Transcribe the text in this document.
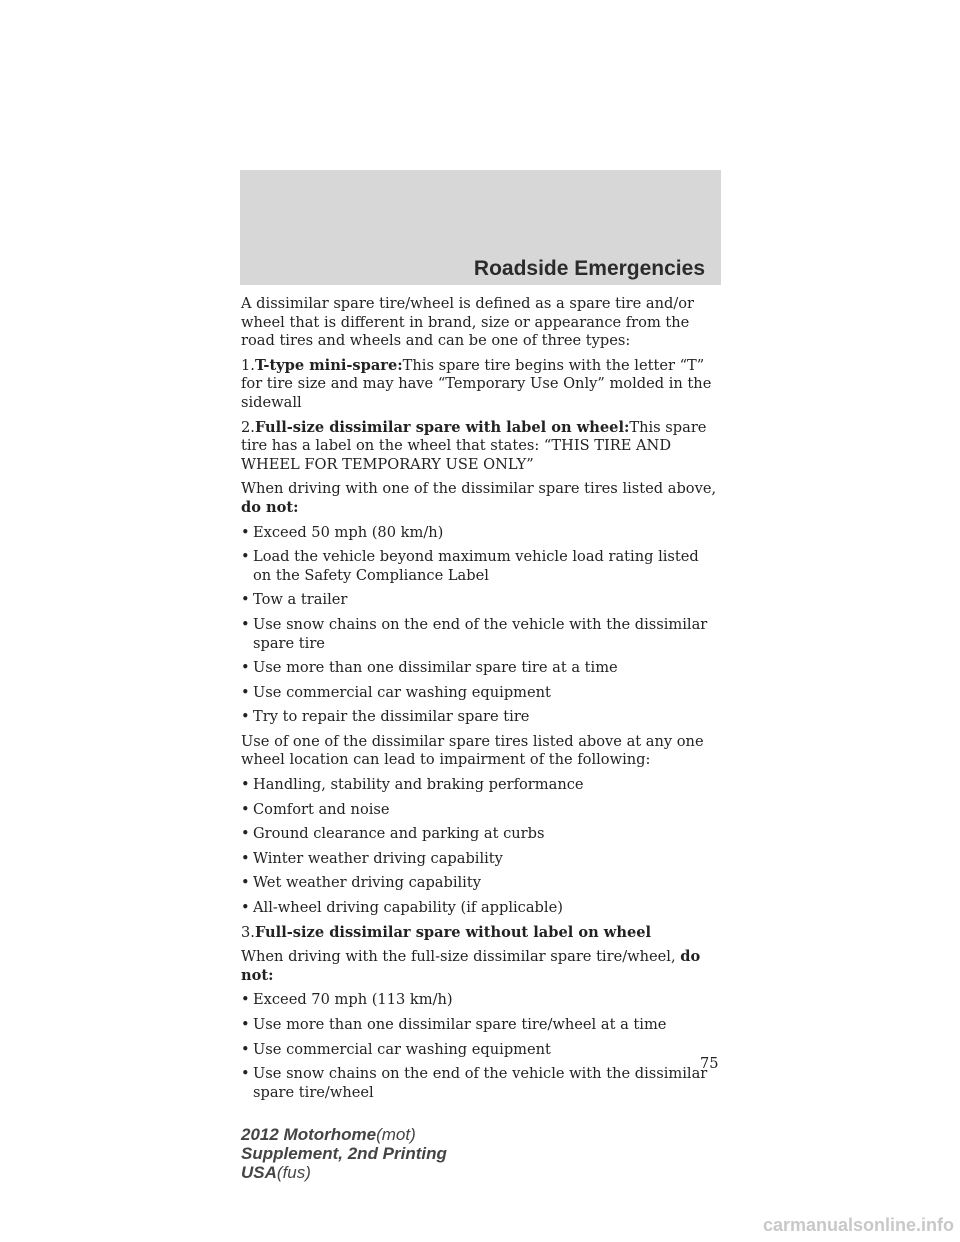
Roadside Emergencies

A dissimilar spare tire/wheel is defined as a spare tire and/or wheel that is different in brand, size or appearance from the road tires and wheels and can be one of three types:

1.T-type mini-spare:This spare tire begins with the letter “T” for tire size and may have “Temporary Use Only” molded in the sidewall

2.Full-size dissimilar spare with label on wheel:This spare tire has a label on the wheel that states: “THIS TIRE AND WHEEL FOR TEMPORARY USE ONLY”

When driving with one of the dissimilar spare tires listed above, do not:

• Exceed 50 mph (80 km/h)
• Load the vehicle beyond maximum vehicle load rating listed on the Safety Compliance Label
• Tow a trailer
• Use snow chains on the end of the vehicle with the dissimilar spare tire
• Use more than one dissimilar spare tire at a time
• Use commercial car washing equipment
• Try to repair the dissimilar spare tire

Use of one of the dissimilar spare tires listed above at any one wheel location can lead to impairment of the following:

• Handling, stability and braking performance
• Comfort and noise
• Ground clearance and parking at curbs
• Winter weather driving capability
• Wet weather driving capability
• All-wheel driving capability (if applicable)

3.Full-size dissimilar spare without label on wheel

When driving with the full-size dissimilar spare tire/wheel, do not:

• Exceed 70 mph (113 km/h)
• Use more than one dissimilar spare tire/wheel at a time
• Use commercial car washing equipment
• Use snow chains on the end of the vehicle with the dissimilar spare tire/wheel
75
2012 Motorhome(mot)
Supplement, 2nd Printing
USA(fus)
carmanualsonline.info
